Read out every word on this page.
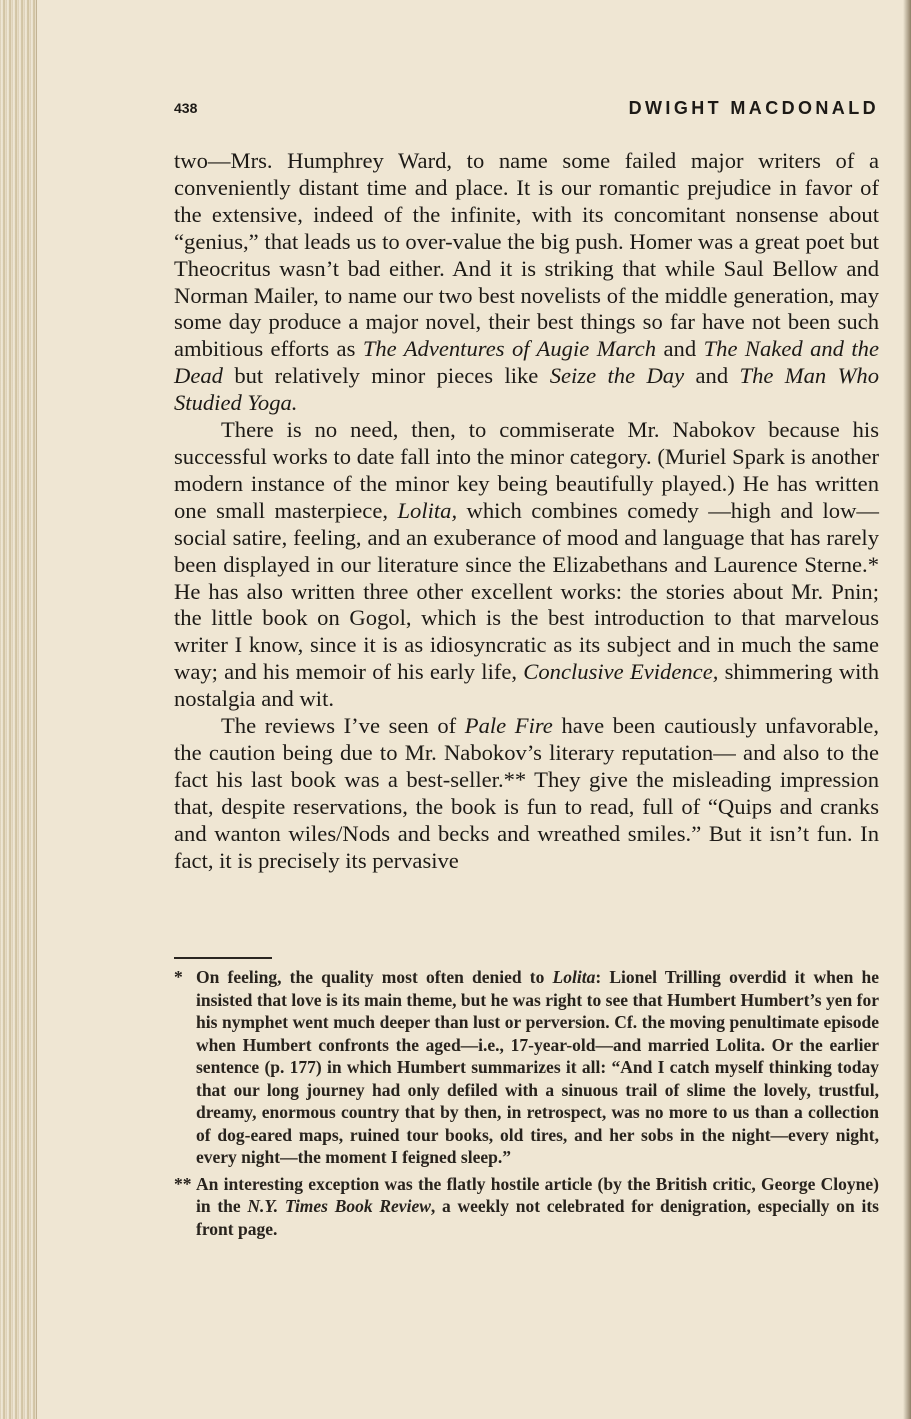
438	DWIGHT MACDONALD

two—Mrs. Humphrey Ward, to name some failed major writers of a conveniently distant time and place. It is our romantic prejudice in favor of the extensive, indeed of the infinite, with its concomitant nonsense about “genius,” that leads us to over-value the big push. Homer was a great poet but Theocritus wasn’t bad either. And it is striking that while Saul Bellow and Norman Mailer, to name our two best novelists of the middle generation, may some day produce a major novel, their best things so far have not been such ambitious efforts as The Adventures of Augie March and The Naked and the Dead but relatively minor pieces like Seize the Day and The Man Who Studied Yoga.

There is no need, then, to commiserate Mr. Nabokov because his successful works to date fall into the minor category. (Muriel Spark is another modern instance of the minor key being beautifully played.) He has written one small masterpiece, Lolita, which combines comedy —high and low—social satire, feeling, and an exuberance of mood and language that has rarely been displayed in our literature since the Elizabethans and Laurence Sterne.* He has also written three other excellent works: the stories about Mr. Pnin; the little book on Gogol, which is the best introduction to that marvelous writer I know, since it is as idiosyncratic as its subject and in much the same way; and his memoir of his early life, Conclusive Evidence, shimmering with nostalgia and wit.

The reviews I’ve seen of Pale Fire have been cautiously unfavorable, the caution being due to Mr. Nabokov’s literary reputation— and also to the fact his last book was a best-seller.** They give the misleading impression that, despite reservations, the book is fun to read, full of “Quips and cranks and wanton wiles/Nods and becks and wreathed smiles.” But it isn’t fun. In fact, it is precisely its pervasive

* On feeling, the quality most often denied to Lolita: Lionel Trilling overdid it when he insisted that love is its main theme, but he was right to see that Humbert Humbert’s yen for his nymphet went much deeper than lust or perversion. Cf. the moving penultimate episode when Humbert confronts the aged—i.e., 17-year-old—and married Lolita. Or the earlier sentence (p. 177) in which Humbert summarizes it all: “And I catch myself thinking today that our long journey had only defiled with a sinuous trail of slime the lovely, trustful, dreamy, enormous country that by then, in retrospect, was no more to us than a collection of dog-eared maps, ruined tour books, old tires, and her sobs in the night—every night, every night—the moment I feigned sleep.”
** An interesting exception was the flatly hostile article (by the British critic, George Cloyne) in the N.Y. Times Book Review, a weekly not celebrated for denigration, especially on its front page.
